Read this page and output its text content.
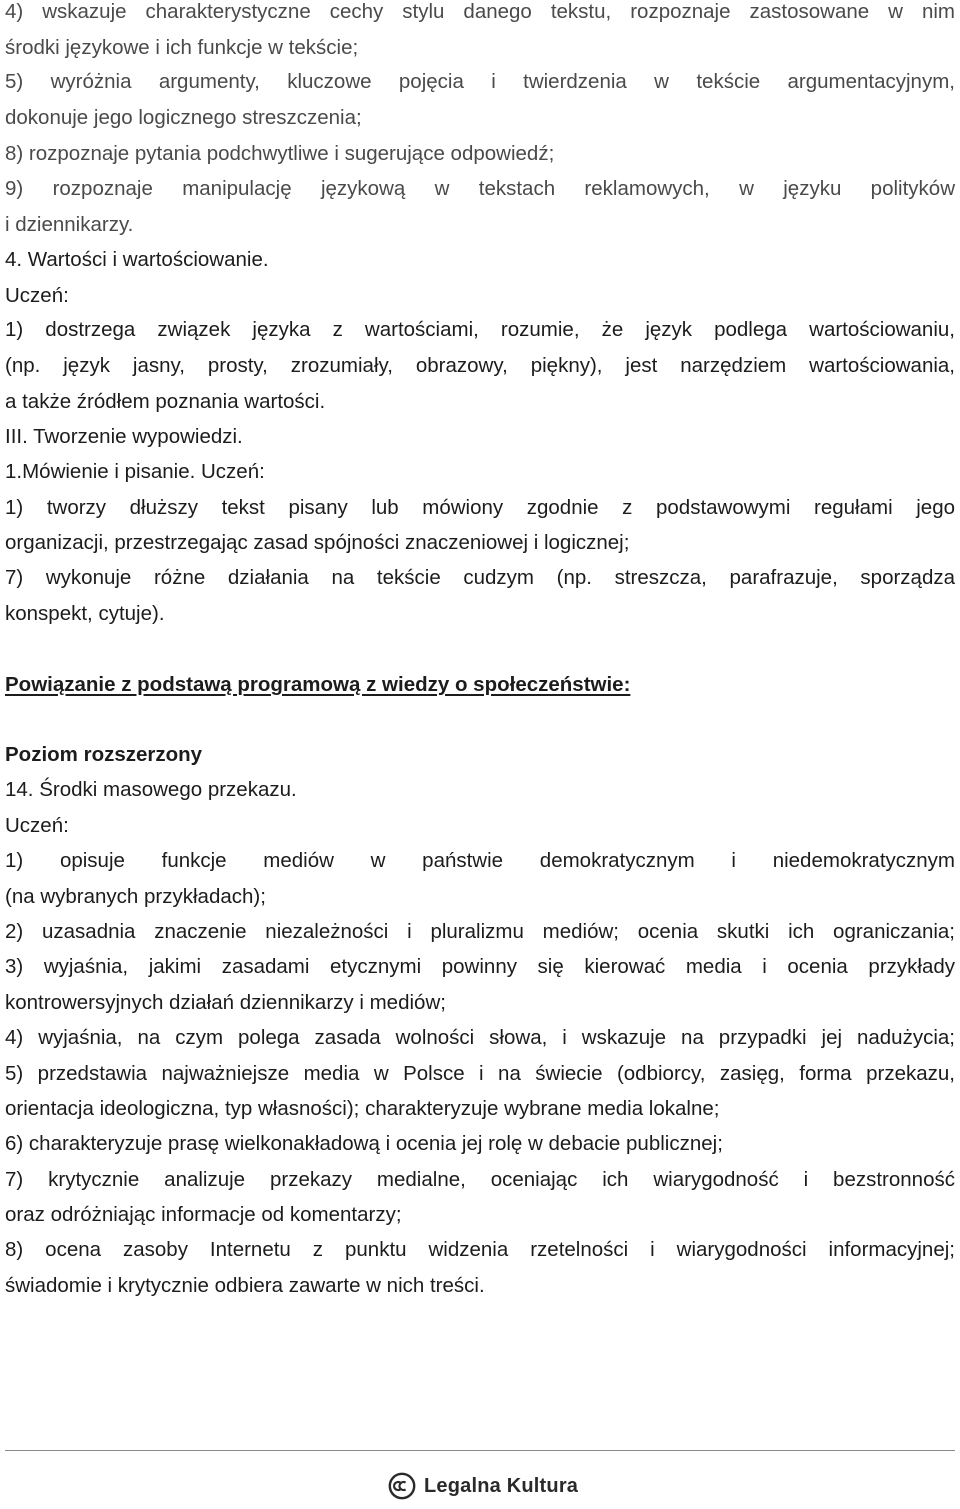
4) wskazuje charakterystyczne cechy stylu danego tekstu, rozpoznaje zastosowane w nim
środki językowe i ich funkcje w tekście;
5) wyróżnia argumenty, kluczowe pojęcia i twierdzenia w tekście argumentacyjnym,
dokonuje jego logicznego streszczenia;
8) rozpoznaje pytania podchwytliwe i sugerujące odpowiedź;
9) rozpoznaje manipulację językową w tekstach reklamowych, w języku polityków
i dziennikarzy.
4. Wartości i wartościowanie.
Uczeń:
1) dostrzega związek języka z wartościami, rozumie, że język podlega wartościowaniu,
(np. język jasny, prosty, zrozumiały, obrazowy, piękny), jest narzędziem wartościowania,
a także źródłem poznania wartości.
III. Tworzenie wypowiedzi.
1.Mówienie i pisanie. Uczeń:
1) tworzy dłuższy tekst pisany lub mówiony zgodnie z podstawowymi regułami jego
organizacji, przestrzegając zasad spójności znaczeniowej i logicznej;
7) wykonuje różne działania na tekście cudzym (np. streszcza, parafrazuje, sporządza
konspekt, cytuje).
Powiązanie z podstawą programową z wiedzy o społeczeństwie:
Poziom rozszerzony
14. Środki masowego przekazu.
Uczeń:
1) opisuje funkcje mediów w państwie demokratycznym i niedemokratycznym
(na wybranych przykładach);
2) uzasadnia znaczenie niezależności i pluralizmu mediów; ocenia skutki ich ograniczania;
3) wyjaśnia, jakimi zasadami etycznymi powinny się kierować media i ocenia przykłady
kontrowersyjnych działań dziennikarzy i mediów;
4) wyjaśnia, na czym polega zasada wolności słowa, i wskazuje na przypadki jej nadużycia;
5) przedstawia najważniejsze media w Polsce i na świecie (odbiorcy, zasięg, forma przekazu,
orientacja ideologiczna, typ własności); charakteryzuje wybrane media lokalne;
6) charakteryzuje prasę wielkonakładową i ocenia jej rolę w debacie publicznej;
7) krytycznie analizuje przekazy medialne, oceniając ich wiarygodność i bezstronność
oraz odróżniając informacje od komentarzy;
8) ocena zasoby Internetu z punktu widzenia rzetelności i wiarygodności informacyjnej;
świadomie i krytycznie odbiera zawarte w nich treści.
Legalna Kultura
